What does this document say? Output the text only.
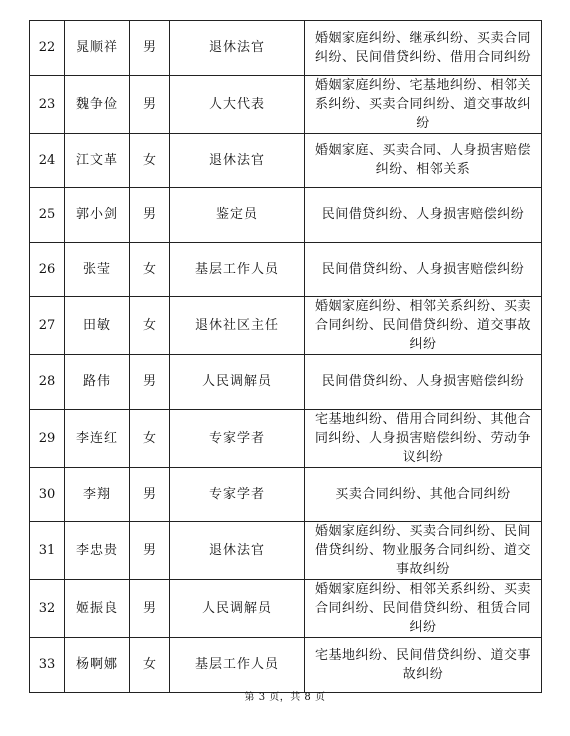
22	晁顺祥	男	退休法官	婚姻家庭纠纷、继承纠纷、买卖合同纠纷、民间借贷纠纷、借用合同纠纷
23	魏争俭	男	人大代表	婚姻家庭纠纷、宅基地纠纷、相邻关系纠纷、买卖合同纠纷、道交事故纠纷
24	江文革	女	退休法官	婚姻家庭、买卖合同、人身损害赔偿纠纷、相邻关系
25	郭小剑	男	鉴定员	民间借贷纠纷、人身损害赔偿纠纷
26	张莹	女	基层工作人员	民间借贷纠纷、人身损害赔偿纠纷
27	田敏	女	退休社区主任	婚姻家庭纠纷、相邻关系纠纷、买卖合同纠纷、民间借贷纠纷、道交事故纠纷
28	路伟	男	人民调解员	民间借贷纠纷、人身损害赔偿纠纷
29	李连红	女	专家学者	宅基地纠纷、借用合同纠纷、其他合同纠纷、人身损害赔偿纠纷、劳动争议纠纷
30	李翔	男	专家学者	买卖合同纠纷、其他合同纠纷
31	李忠贵	男	退休法官	婚姻家庭纠纷、买卖合同纠纷、民间借贷纠纷、物业服务合同纠纷、道交事故纠纷
32	姬振良	男	人民调解员	婚姻家庭纠纷、相邻关系纠纷、买卖合同纠纷、民间借贷纠纷、租赁合同纠纷
33	杨啊娜	女	基层工作人员	宅基地纠纷、民间借贷纠纷、道交事故纠纷
第 3 页，共 8 页
